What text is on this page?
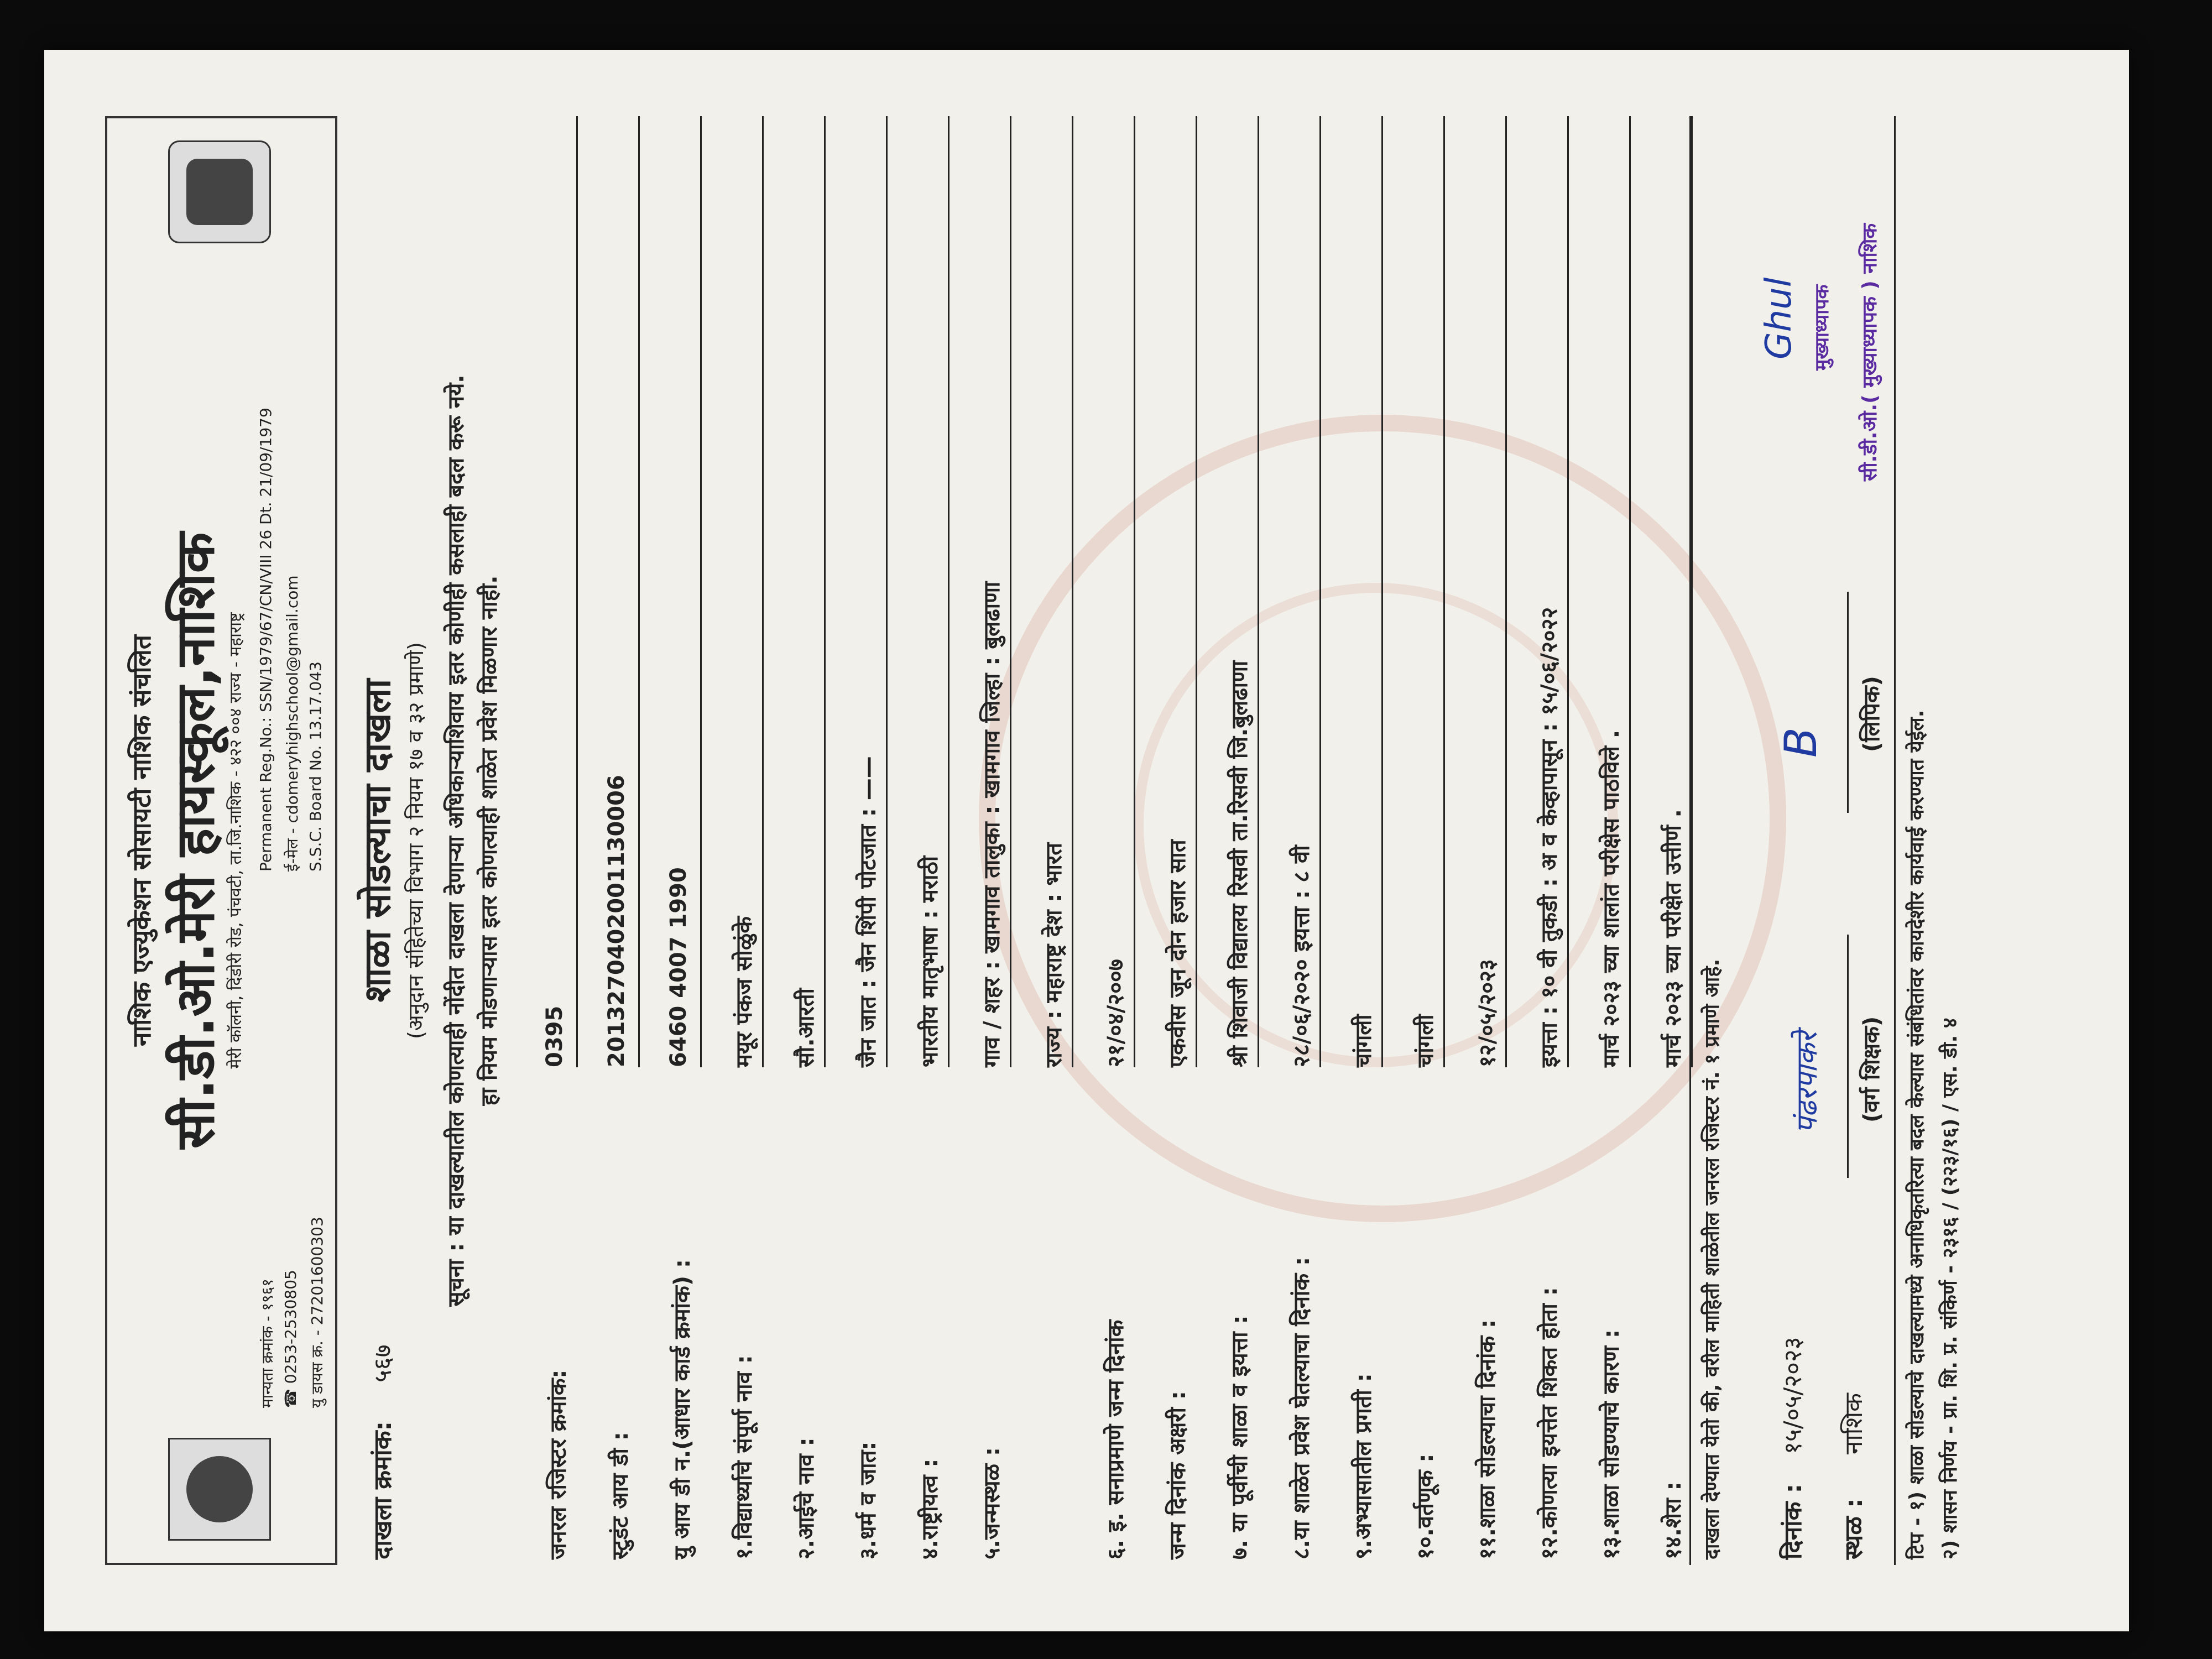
नाशिक एज्युकेशन सोसायटी नाशिक संचलित सी.डी.ओ.मेरी हायस्कूल,नाशिक मेरी कॉलनी, दिंडोरी रोड, पंचवटी, ता.जि.नाशिक - ४२२ ००४ राज्य - महाराष्ट्र
मान्यता क्रमांक - १९६१ ☎ 0253-2530805 यु डायस क्र. - 27201600303
Permanent Reg.No.: SSN/1979/67/CN/VIII 26 Dt. 21/09/1979 ई-मेल - cdomeryhighschool@gmail.com S.S.C. Board No. 13.17.043
दाखला क्रमांक:
५६७
शाळा सोडल्याचा दाखला (अनुदान संहितेच्या विभाग २ नियम १७ व ३२ प्रमाणे) सूचना : या दाखल्यातील कोणत्याही नोंदीत दाखला देणाऱ्या अधिकाऱ्याशिवाय इतर कोणीही कसलाही बदल करू नये. हा नियम मोडणाऱ्यास इतर कोणत्याही शाळेत प्रवेश मिळणार नाही.
जनरल रजिस्टर क्रमांक:
0395
स्टुडंट आय डी :
2013270402001130006
यु आय डी न.(आधार कार्ड क्रमांक) :
6460 4007 1990
१.विद्यार्थ्याचे संपूर्ण नाव :
मयूर पंकज सोळुंके
२.आईचे नाव :
सौ.आरती
३.धर्म व जात:
जैन जात : जैन शिंपी पोटजात : ——
४.राष्ट्रीयत्व :
भारतीय मातृभाषा : मराठी
५.जन्मस्थळ :
गाव / शहर : खामगाव तालुका : खामगाव जिल्हा : बुलढाणा राज्य : महाराष्ट्र देश : भारत
६. इ. सनाप्रमाणे जन्म दिनांक
२१/०४/२००७
जन्म दिनांक अक्षरी :
एकवीस जून दोन हजार सात
७. या पूर्वीची शाळा व इयत्ता :
श्री शिवाजी विद्यालय रिसवी ता.रिसवी जि.बुलढाणा
८.या शाळेत प्रवेश घेतल्याचा दिनांक :
२८/०६/२०२० इयत्ता : ८ वी
९.अभ्यासातील प्रगती :
चांगली
१०.वर्तणूक :
चांगली
११.शाळा सोडल्याचा दिनांक :
१२/०५/२०२३
१२.कोणत्या इयत्तेत शिकत होता :
इयत्ता : १० वी तुकडी : अ व केव्हापासून : १५/०६/२०२२
१३.शाळा सोडण्याचे कारण :
मार्च २०२३ च्या शालांत परीक्षेस पाठविले .
१४.शेरा :
मार्च २०२३ च्या परीक्षेत उत्तीर्ण .
दाखला देण्यात येतो की, वरील माहिती शाळेतील जनरल रजिस्टर नं. १ प्रमाणे आहे. दिनांक :
१५/०५/२०२३
स्थळ :
नाशिक
पंढरपाकरे (वर्ग शिक्षक)
B (लिपिक)
Ghul मुख्याध्यापक सी.डी.ओ.( मुख्याध्यापक ) नाशिक
टिप - १) शाळा सोडल्याचे दाखल्यामध्ये अनाधिकृतरित्या बदल केल्यास संबंधितांवर कायदेशीर कार्यवाई करण्यात येईल. २) शासन निर्णय - प्रा. शि. प्र. संकिर्ण - २३१६ / (२२३/१६) / एस. डी. ४
